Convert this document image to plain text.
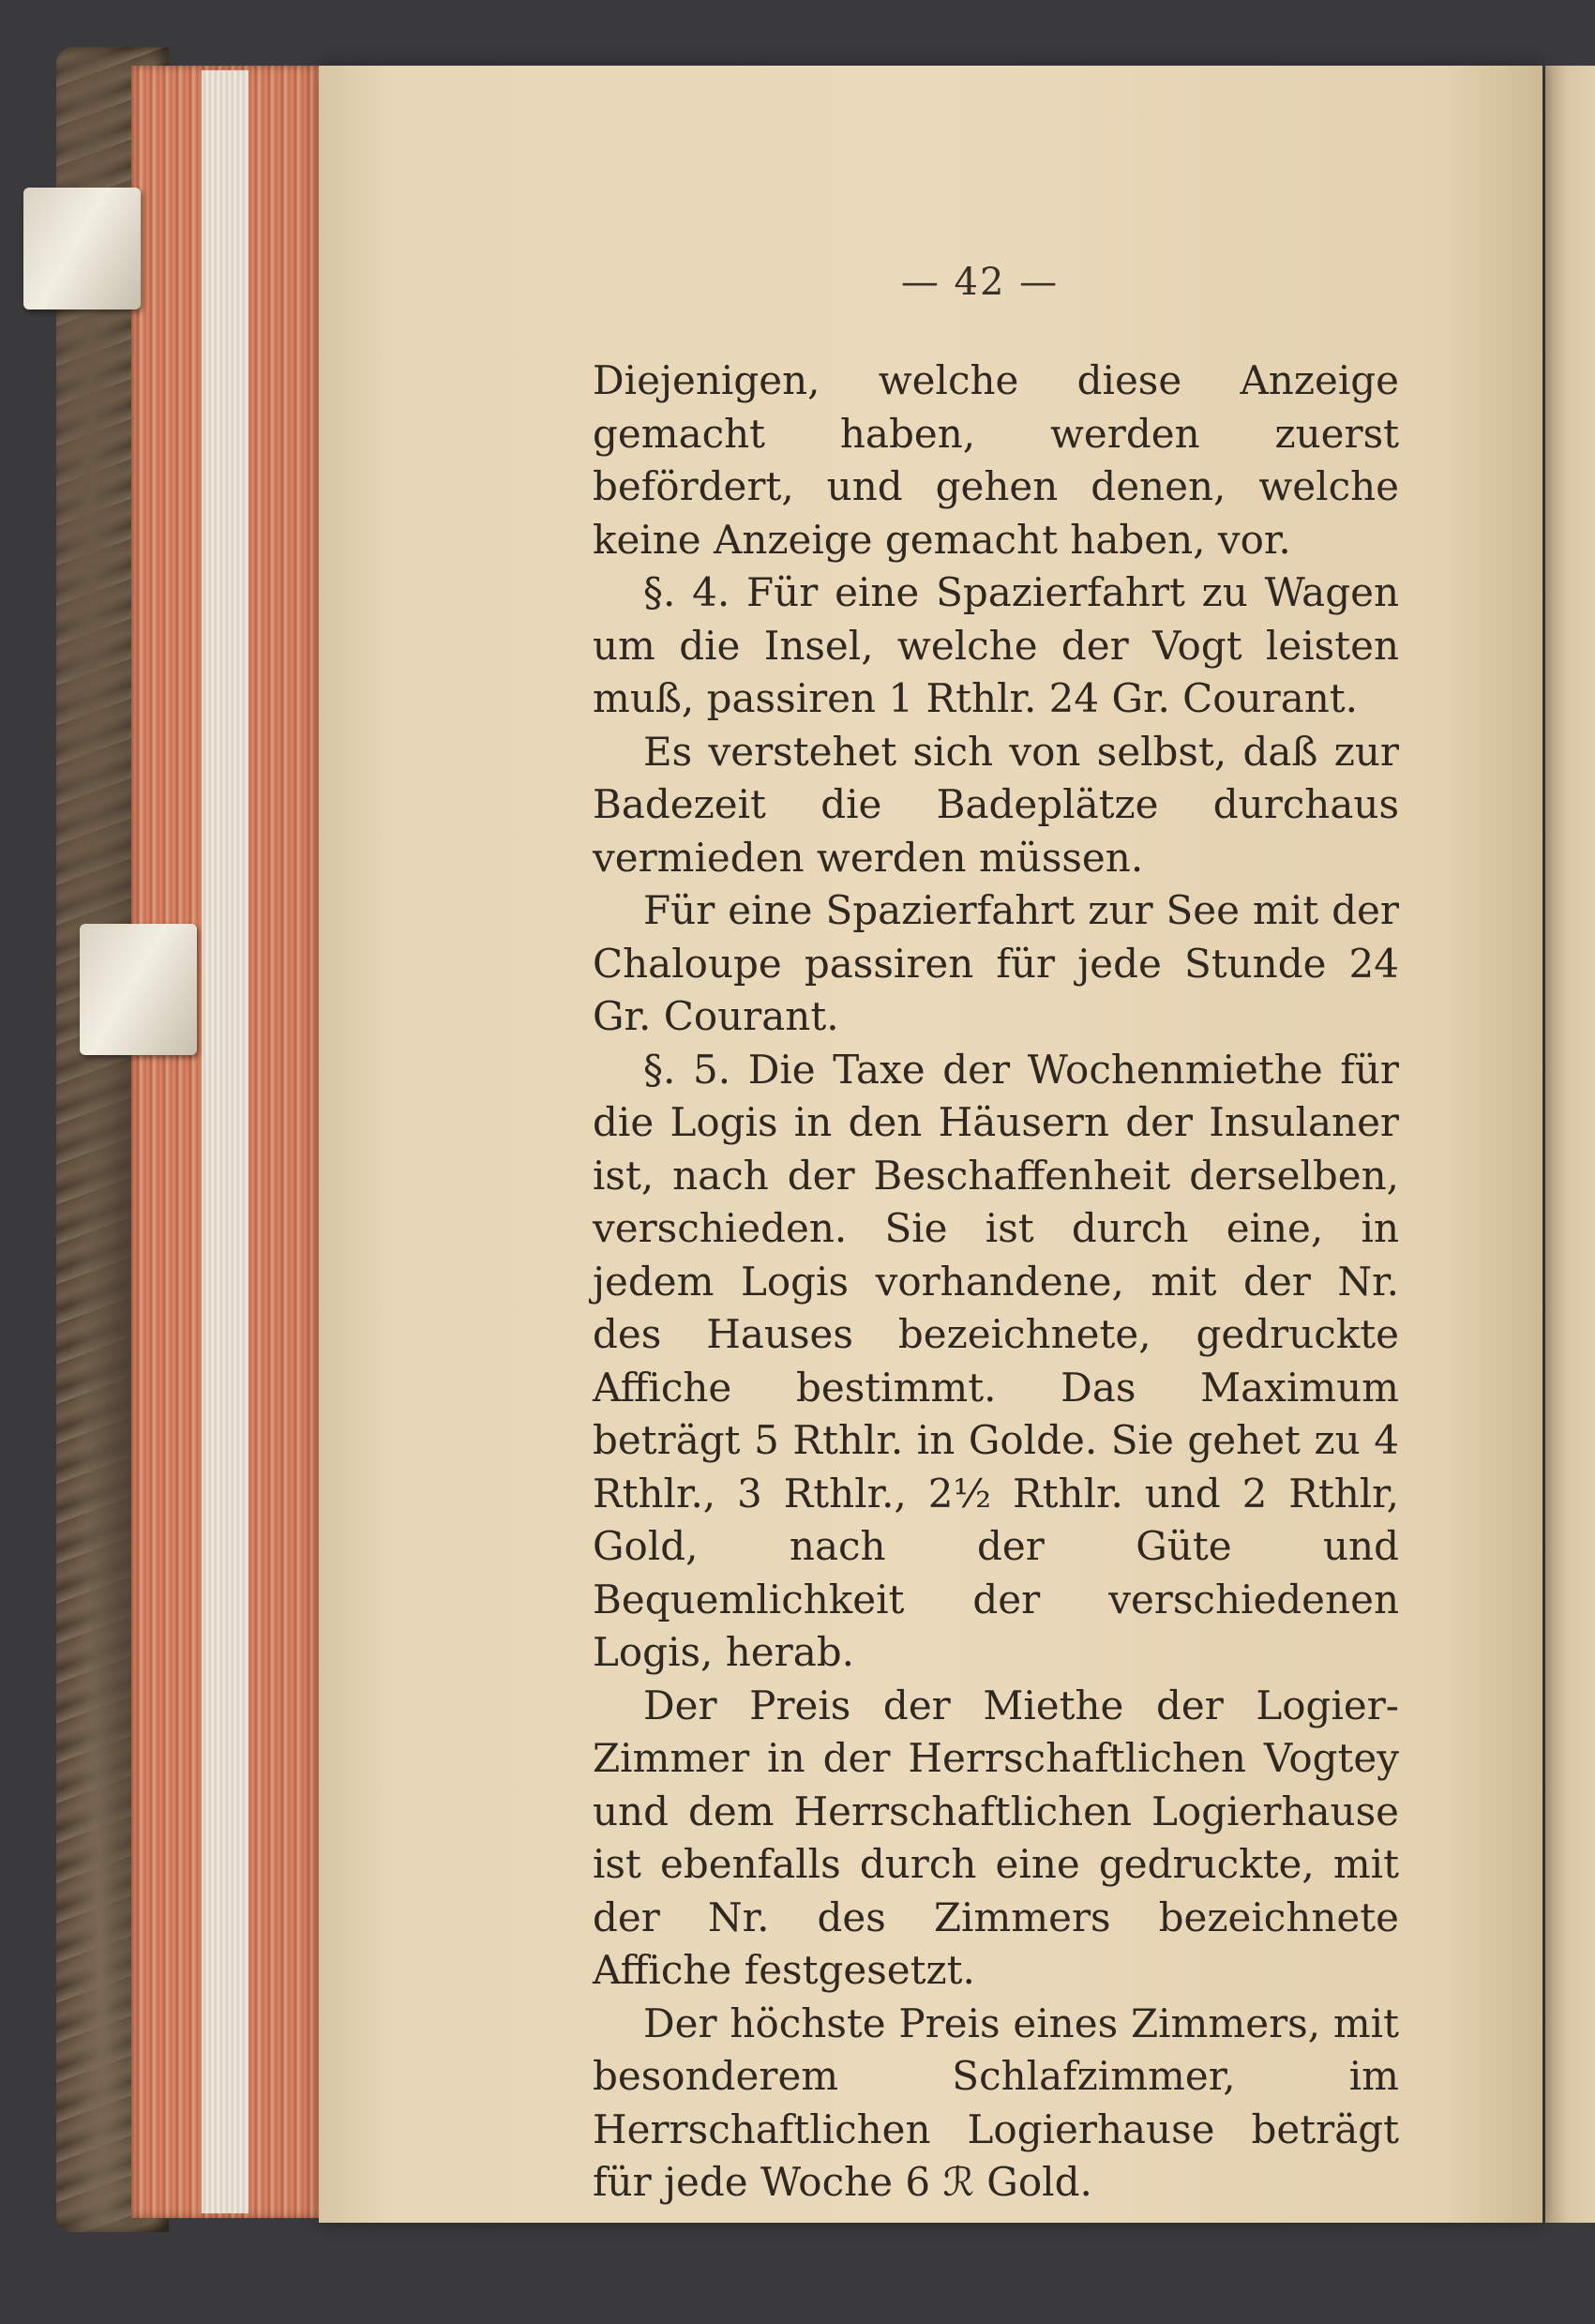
— 42 —

Diejenigen, welche diese Anzeige gemacht haben, werden zuerst befördert, und gehen denen, welche keine Anzeige gemacht haben, vor.

§. 4. Für eine Spazierfahrt zu Wagen um die Insel, welche der Vogt leisten muß, passiren 1 Rthlr. 24 Gr. Courant.

Es verstehet sich von selbst, daß zur Badezeit die Badeplätze durchaus vermieden werden müssen.

Für eine Spazierfahrt zur See mit der Chaloupe passiren für jede Stunde 24 Gr. Courant.

§. 5. Die Taxe der Wochenmiethe für die Logis in den Häusern der Insulaner ist, nach der Beschaffenheit derselben, verschieden. Sie ist durch eine, in jedem Logis vorhandene, mit der Nr. des Hauses bezeichnete, gedruckte Affiche bestimmt. Das Maximum beträgt 5 Rthlr. in Golde. Sie gehet zu 4 Rthlr., 3 Rthlr., 2½ Rthlr. und 2 Rthlr, Gold, nach der Güte und Bequemlichkeit der verschiedenen Logis, herab.

Der Preis der Miethe der Logier-Zimmer in der Herrschaftlichen Vogtey und dem Herrschaftlichen Logierhause ist ebenfalls durch eine gedruckte, mit der Nr. des Zimmers bezeichnete Affiche festgesetzt.

Der höchste Preis eines Zimmers, mit besonderem Schlafzimmer, im Herrschaftlichen Logierhause beträgt für jede Woche 6 ℛ Gold.
